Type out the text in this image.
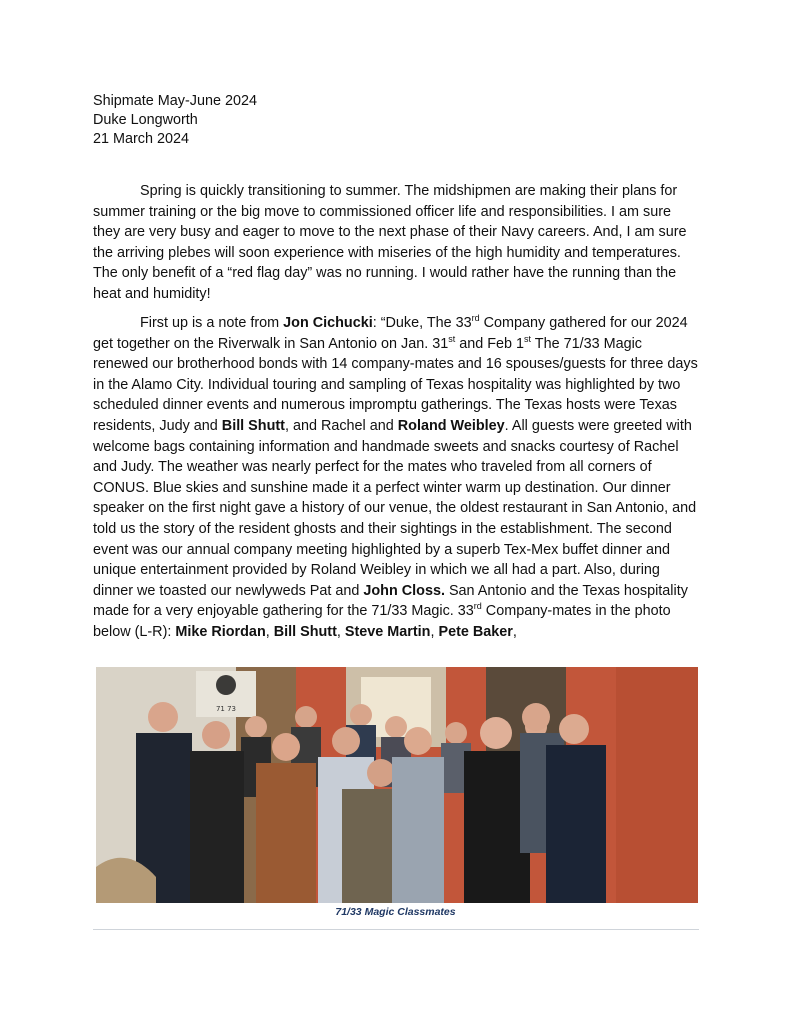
Shipmate May-June 2024
Duke Longworth
21 March 2024

Spring is quickly transitioning to summer. The midshipmen are making their plans for summer training or the big move to commissioned officer life and responsibilities. I am sure they are very busy and eager to move to the next phase of their Navy careers. And, I am sure the arriving plebes will soon experience with miseries of the high humidity and temperatures. The only benefit of a “red flag day” was no running. I would rather have the running than the heat and humidity!

First up is a note from Jon Cichucki: “Duke, The 33rd Company gathered for our 2024 get together on the Riverwalk in San Antonio on Jan. 31st and Feb 1st The 71/33 Magic renewed our brotherhood bonds with 14 company-mates and 16 spouses/guests for three days in the Alamo City. Individual touring and sampling of Texas hospitality was highlighted by two scheduled dinner events and numerous impromptu gatherings. The Texas hosts were Texas residents, Judy and Bill Shutt, and Rachel and Roland Weibley. All guests were greeted with welcome bags containing information and handmade sweets and snacks courtesy of Rachel and Judy. The weather was nearly perfect for the mates who traveled from all corners of CONUS. Blue skies and sunshine made it a perfect winter warm up destination. Our dinner speaker on the first night gave a history of our venue, the oldest restaurant in San Antonio, and told us the story of the resident ghosts and their sightings in the establishment. The second event was our annual company meeting highlighted by a superb Tex-Mex buffet dinner and unique entertainment provided by Roland Weibley in which we all had a part. Also, during dinner we toasted our newlyweds Pat and John Closs. San Antonio and the Texas hospitality made for a very enjoyable gathering for the 71/33 Magic. 33rd Company-mates in the photo below (L-R): Mike Riordan, Bill Shutt, Steve Martin, Pete Baker,

71 73
71/33 Magic Classmates
